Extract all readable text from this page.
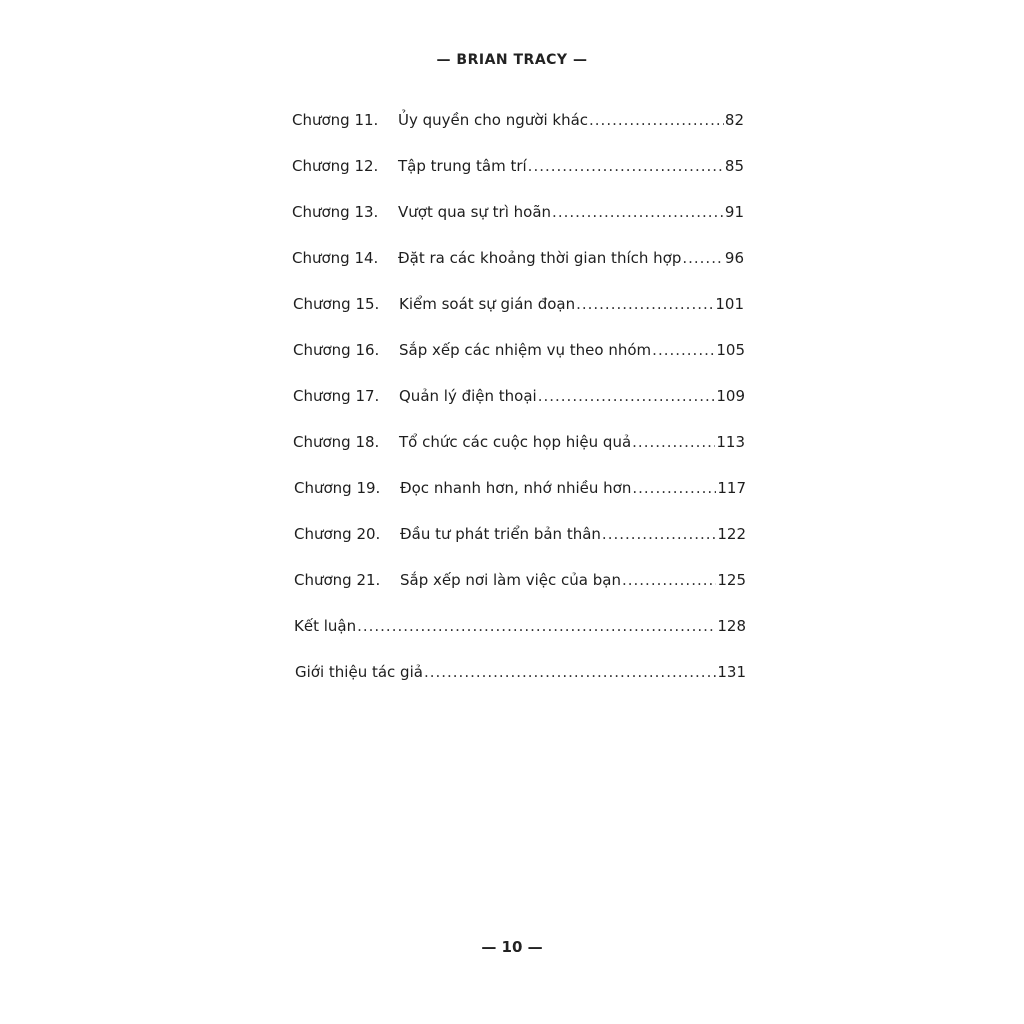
— BRIAN TRACY —
Chương 11.	Ủy quyền cho người khác .....	82
Chương 12.	Tập trung tâm trí .....	85
Chương 13.	Vượt qua sự trì hoãn .....	91
Chương 14.	Đặt ra các khoảng thời gian thích hợp .....	96
Chương 15.	Kiểm soát sự gián đoạn .....	101
Chương 16.	Sắp xếp các nhiệm vụ theo nhóm .....	105
Chương 17.	Quản lý điện thoại .....	109
Chương 18.	Tổ chức các cuộc họp hiệu quả .....	113
Chương 19.	Đọc nhanh hơn, nhớ nhiều hơn .....	117
Chương 20.	Đầu tư phát triển bản thân .....	122
Chương 21.	Sắp xếp nơi làm việc của bạn .....	125
Kết luận .....	128
Giới thiệu tác giả .....	131
— 10 —
